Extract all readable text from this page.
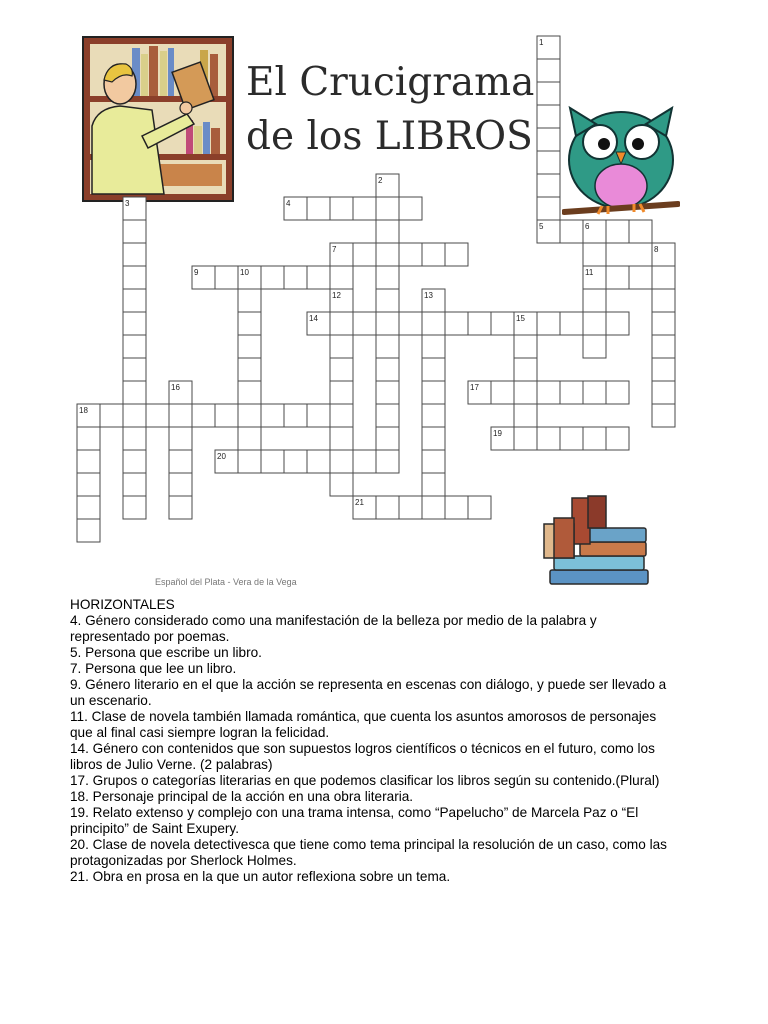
El Crucigrama
de los LIBROS
1
2
3	4
5	6
7	8
9	10	11
12	13
14	15
16	17
18
19
20
21
Español del Plata - Vera de la Vega
HORIZONTALES
4. Género considerado como una manifestación de la belleza por medio de la palabra y representado por poemas.
5. Persona que escribe un libro.
7. Persona que lee un libro.
9. Género literario en el que la acción se representa en escenas con diálogo, y puede ser llevado a un escenario.
11. Clase de novela también llamada romántica, que cuenta los asuntos amorosos de personajes que al final casi siempre logran la felicidad.
14. Género con contenidos que son supuestos logros científicos o técnicos en el futuro, como los libros de Julio Verne. (2 palabras)
17. Grupos o categorías literarias en que podemos clasificar los libros según su contenido.(Plural)
18. Personaje principal de la acción en una obra literaria.
19. Relato extenso y complejo con una trama intensa, como “Papelucho” de Marcela Paz o “El principito” de Saint Exupery.
20. Clase de novela detectivesca que tiene como tema principal la resolución de un caso, como las protagonizadas por Sherlock Holmes.
21. Obra en prosa en la que un autor reflexiona sobre un tema.
